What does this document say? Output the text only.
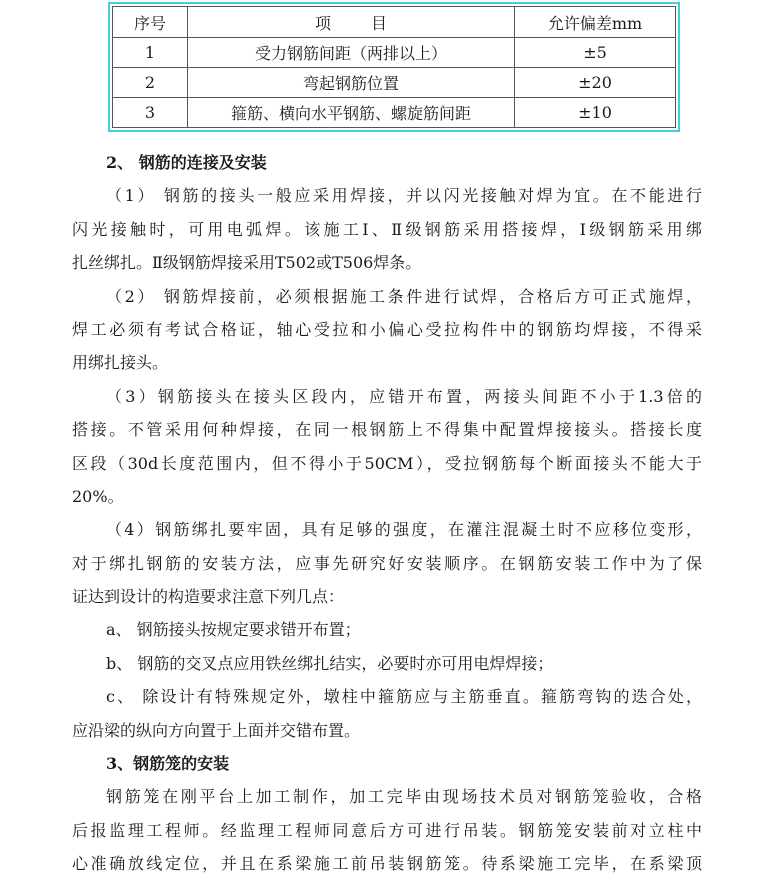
序号	项目	允许偏差mm
1	受力钢筋间距（两排以上）	±5
2	弯起钢筋位置	±20
3	箍筋、横向水平钢筋、螺旋筋间距	±10
2、 钢筋的连接及安装
（1） 钢筋的接头一般应采用焊接，并以闪光接触对焊为宜。在不能进行
闪光接触时，可用电弧焊。该施工Ⅰ、Ⅱ级钢筋采用搭接焊，Ⅰ级钢筋采用绑
扎丝绑扎。Ⅱ级钢筋焊接采用T502或T506焊条。
（2） 钢筋焊接前，必须根据施工条件进行试焊，合格后方可正式施焊，
焊工必须有考试合格证，轴心受拉和小偏心受拉构件中的钢筋均焊接，不得采
用绑扎接头。
（3）钢筋接头在接头区段内，应错开布置，两接头间距不小于1.3倍的
搭接。不管采用何种焊接，在同一根钢筋上不得集中配置焊接接头。搭接长度
区段（30d长度范围内，但不得小于50CM），受拉钢筋每个断面接头不能大于
20%。
（4）钢筋绑扎要牢固，具有足够的强度，在灌注混凝土时不应移位变形，
对于绑扎钢筋的安装方法，应事先研究好安装顺序。在钢筋安装工作中为了保
证达到设计的构造要求注意下列几点：
a、 钢筋接头按规定要求错开布置；
b、 钢筋的交叉点应用铁丝绑扎结实，必要时亦可用电焊焊接；
c、 除设计有特殊规定外，墩柱中箍筋应与主筋垂直。箍筋弯钩的迭合处，
应沿梁的纵向方向置于上面并交错布置。
3、钢筋笼的安装
钢筋笼在刚平台上加工制作，加工完毕由现场技术员对钢筋笼验收，合格
后报监理工程师。经监理工程师同意后方可进行吊装。钢筋笼安装前对立柱中
心准确放线定位，并且在系梁施工前吊装钢筋笼。待系梁施工完毕，在系梁顶
